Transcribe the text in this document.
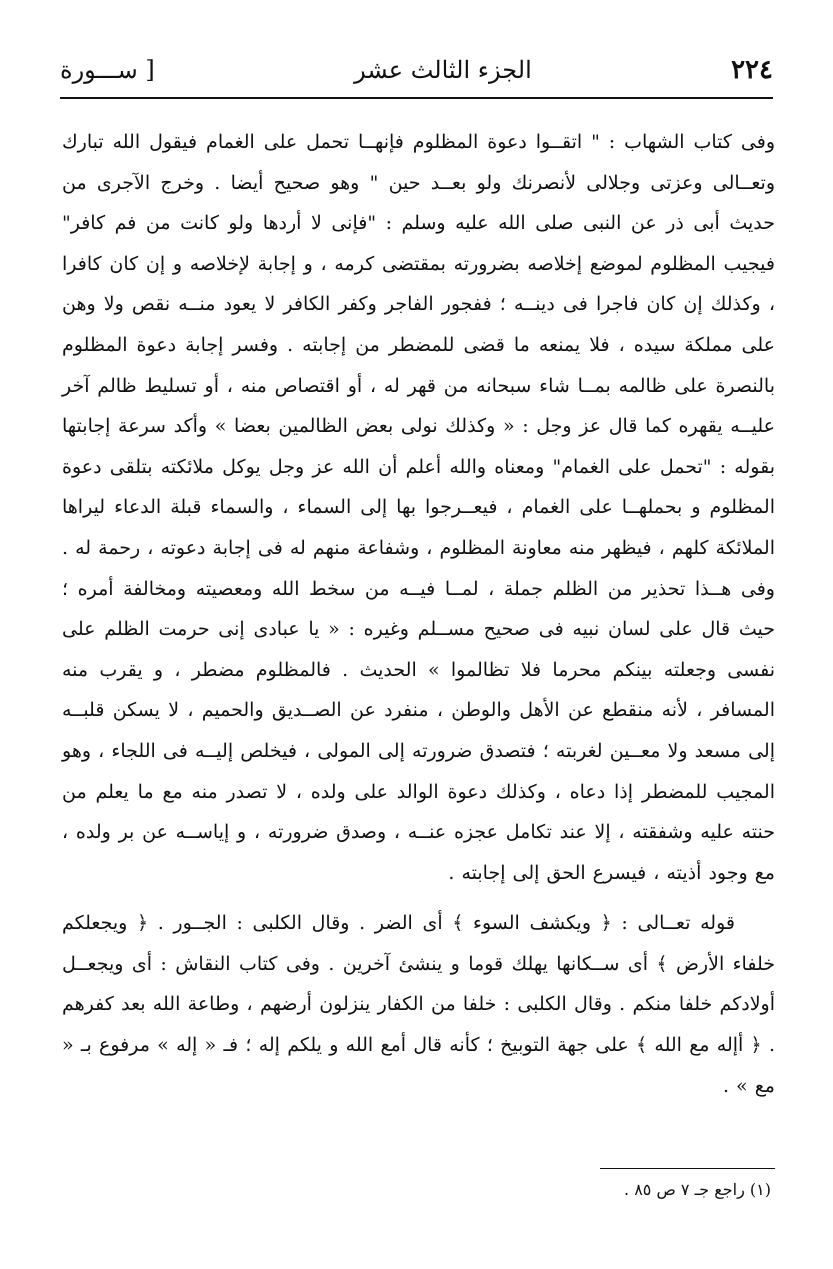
٢٢٤
الجزء الثالث عشر
[ ســـورة

وفى كتاب الشهاب : " اتقــوا دعوة المظلوم فإنهــا تحمل على الغمام فيقول الله تبارك وتعــالى وعزتى وجلالى لأنصرنك ولو بعــد حين " وهو صحيح أيضا . وخرج الآجرى من حديث أبى ذر عن النبى صلى الله عليه وسلم : "فإنى لا أردها ولو كانت من فم كافر" فيجيب المظلوم لموضع إخلاصه بضرورته بمقتضى كرمه ، و إجابة لإخلاصه و إن كان كافرا ، وكذلك إن كان فاجرا فى دينــه ؛ ففجور الفاجر وكفر الكافر لا يعود منــه نقص ولا وهن على مملكة سيده ، فلا يمنعه ما قضى للمضطر من إجابته . وفسر إجابة دعوة المظلوم بالنصرة على ظالمه بمــا شاء سبحانه من قهر له ، أو اقتصاص منه ، أو تسليط ظالم آخر عليــه يقهره كما قال عز وجل : « وكذلك نولى بعض الظالمين بعضا » وأكد سرعة إجابتها بقوله : "تحمل على الغمام" ومعناه والله أعلم أن الله عز وجل يوكل ملائكته بتلقى دعوة المظلوم و بحملهــا على الغمام ، فيعــرجوا بها إلى السماء ، والسماء قبلة الدعاء ليراها الملائكة كلهم ، فيظهر منه معاونة المظلوم ، وشفاعة منهم له فى إجابة دعوته ، رحمة له . وفى هــذا تحذير من الظلم جملة ، لمــا فيــه من سخط الله ومعصيته ومخالفة أمره ؛ حيث قال على لسان نبيه فى صحيح مســلم وغيره : « يا عبادى إنى حرمت الظلم على نفسى وجعلته بينكم محرما فلا تظالموا » الحديث . فالمظلوم مضطر ، و يقرب منه المسافر ، لأنه منقطع عن الأهل والوطن ، منفرد عن الصــديق والحميم ، لا يسكن قلبــه إلى مسعد ولا معــين لغربته ؛ فتصدق ضرورته إلى المولى ، فيخلص إليــه فى اللجاء ، وهو المجيب للمضطر إذا دعاه ، وكذلك دعوة الوالد على ولده ، لا تصدر منه مع ما يعلم من حنته عليه وشفقته ، إلا عند تكامل عجزه عنــه ، وصدق ضرورته ، و إياســه عن بر ولده ، مع وجود أذيته ، فيسرع الحق إلى إجابته .

قوله تعــالى : ﴿ ويكشف السوء ﴾ أى الضر . وقال الكلبى : الجــور . ﴿ ويجعلكم خلفاء الأرض ﴾ أى ســكانها يهلك قوما و ينشئ آخرين . وفى كتاب النقاش : أى ويجعــل أولادكم خلفا منكم . وقال الكلبى : خلفا من الكفار ينزلون أرضهم ، وطاعة الله بعد كفرهم . ﴿ أإله مع الله ﴾ على جهة التوبيخ ؛ كأنه قال أمع الله و يلكم إله ؛ فـ « إله » مرفوع بـ « مع » .

(١) راجع جـ ٧ ص ٨٥ .
